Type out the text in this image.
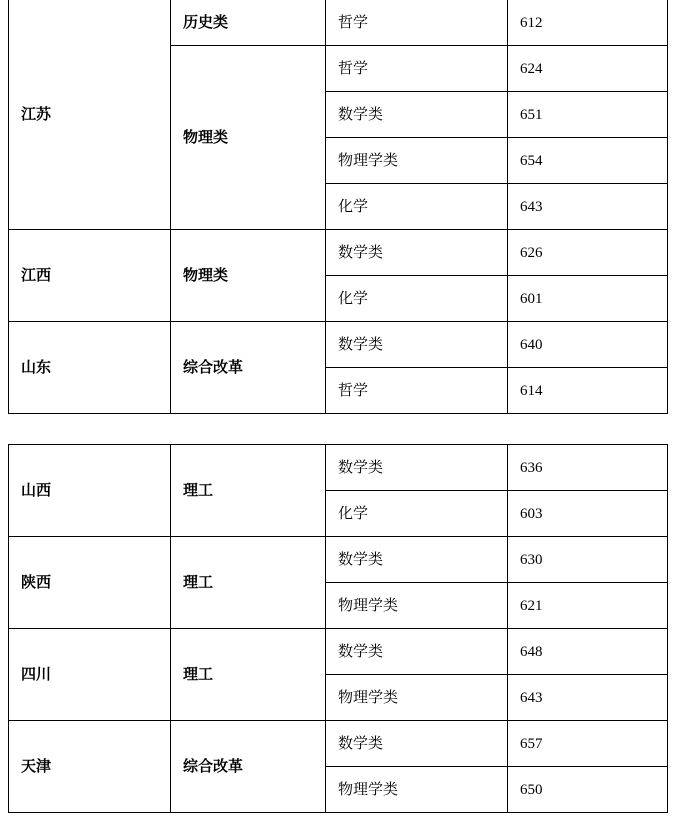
江苏	历史类	哲学	612
	物理类	哲学	624
		数学类	651
		物理学类	654
		化学	643
江西	物理类	数学类	626
		化学	601
山东	综合改革	数学类	640
		哲学	614
山西	理工	数学类	636
		化学	603
陕西	理工	数学类	630
		物理学类	621
四川	理工	数学类	648
		物理学类	643
天津	综合改革	数学类	657
		物理学类	650
